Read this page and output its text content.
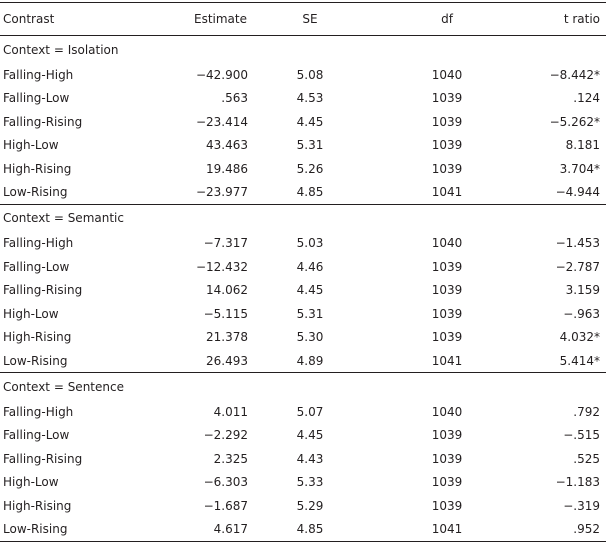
Contrast	Estimate	SE	df	t ratio
Context = Isolation				
Falling-High	−42.900	5.08	1040	−8.442*
Falling-Low	.563	4.53	1039	.124
Falling-Rising	−23.414	4.45	1039	−5.262*
High-Low	43.463	5.31	1039	8.181
High-Rising	19.486	5.26	1039	3.704*
Low-Rising	−23.977	4.85	1041	−4.944
Context = Semantic				
Falling-High	−7.317	5.03	1040	−1.453
Falling-Low	−12.432	4.46	1039	−2.787
Falling-Rising	14.062	4.45	1039	3.159
High-Low	−5.115	5.31	1039	−.963
High-Rising	21.378	5.30	1039	4.032*
Low-Rising	26.493	4.89	1041	5.414*
Context = Sentence				
Falling-High	4.011	5.07	1040	.792
Falling-Low	−2.292	4.45	1039	−.515
Falling-Rising	2.325	4.43	1039	.525
High-Low	−6.303	5.33	1039	−1.183
High-Rising	−1.687	5.29	1039	−.319
Low-Rising	4.617	4.85	1041	.952
